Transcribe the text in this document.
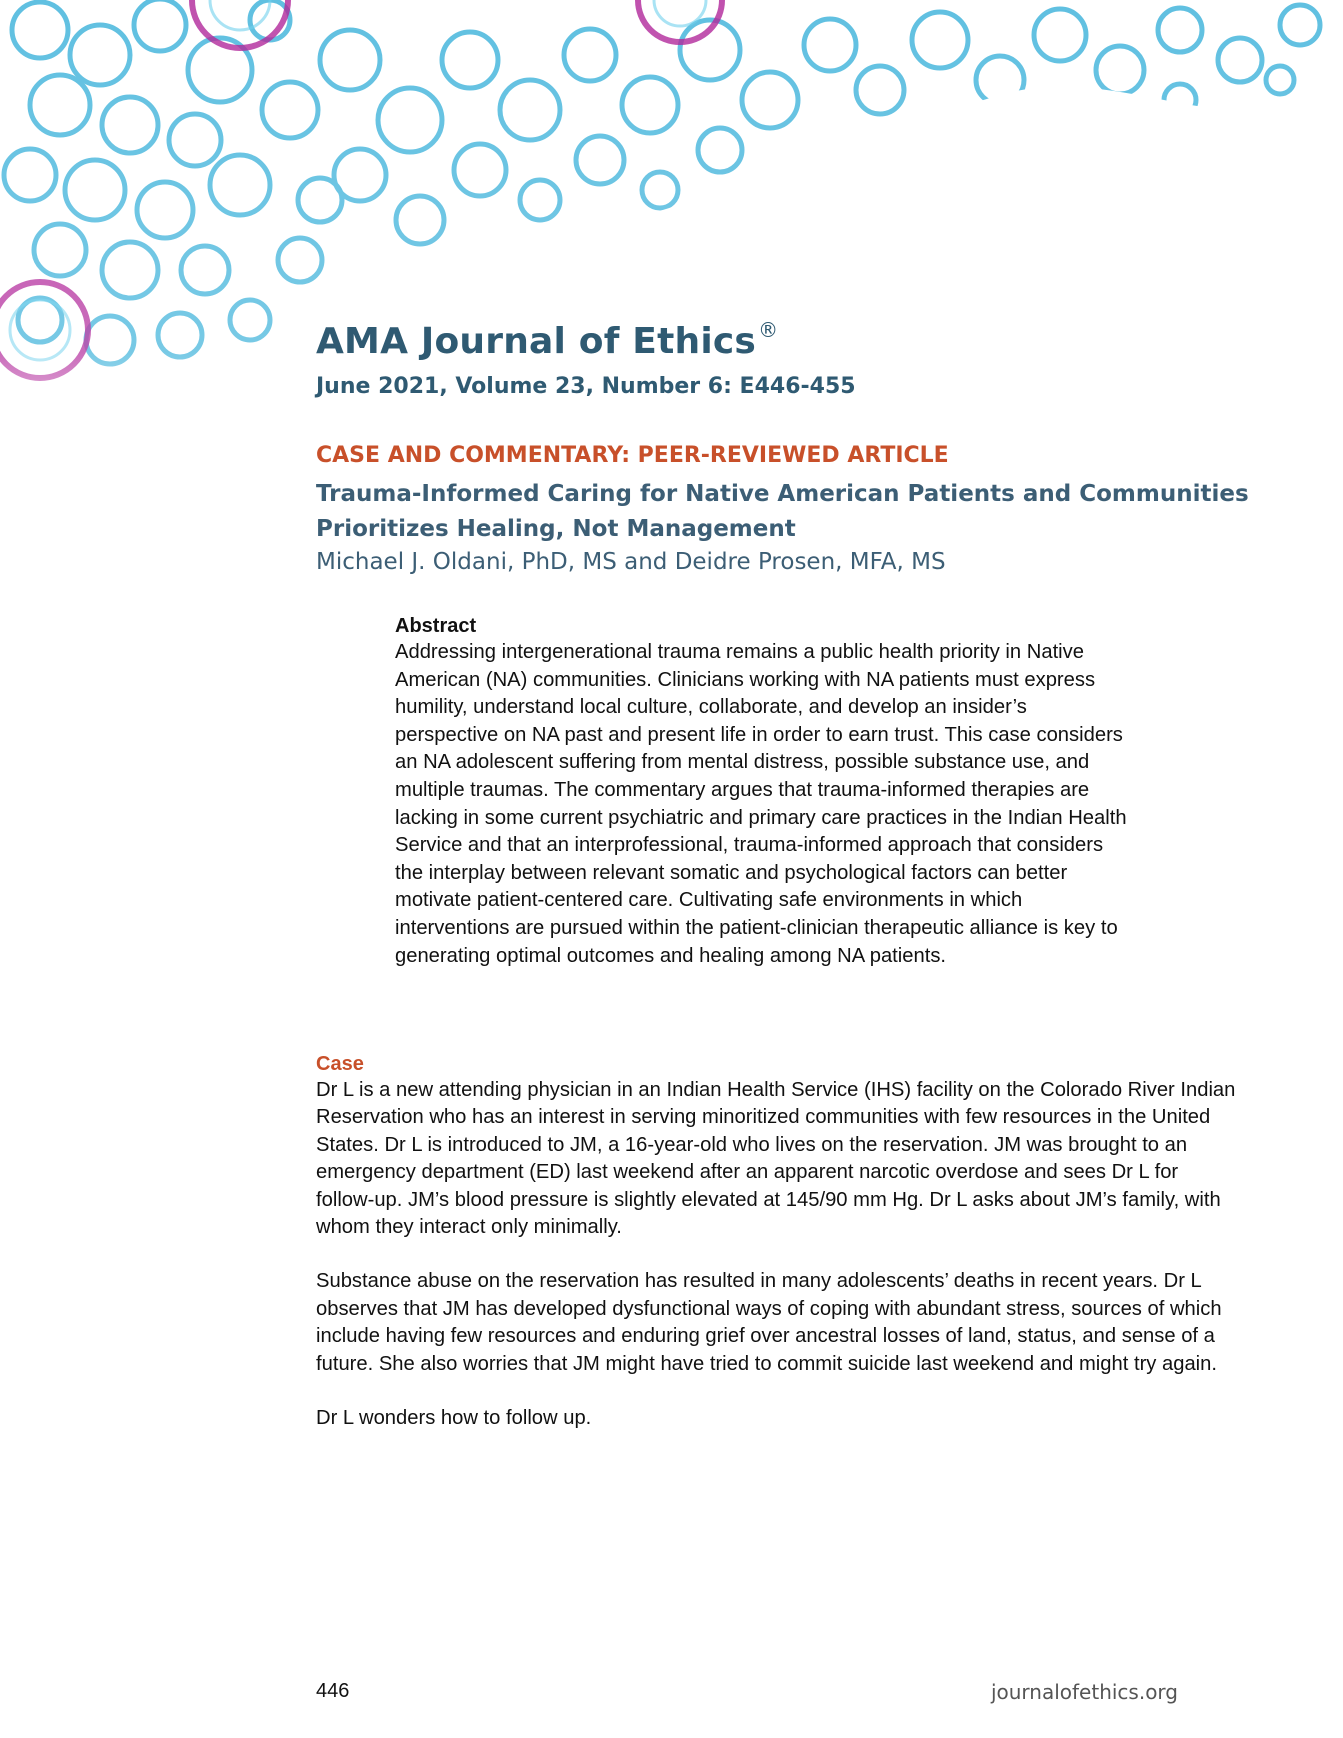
AMA Journal of Ethics ®
June 2021, Volume 23, Number 6: E446-455
CASE AND COMMENTARY: PEER-REVIEWED ARTICLE
Trauma-Informed Caring for Native American Patients and Communities Prioritizes Healing, Not Management
Michael J. Oldani, PhD, MS and Deidre Prosen, MFA, MS
Abstract

Addressing intergenerational trauma remains a public health priority in Native American (NA) communities. Clinicians working with NA patients must express humility, understand local culture, collaborate, and develop an insider’s perspective on NA past and present life in order to earn trust. This case considers an NA adolescent suffering from mental distress, possible substance use, and multiple traumas. The commentary argues that trauma-informed therapies are lacking in some current psychiatric and primary care practices in the Indian Health Service and that an interprofessional, trauma-informed approach that considers the interplay between relevant somatic and psychological factors can better motivate patient-centered care. Cultivating safe environments in which interventions are pursued within the patient-clinician therapeutic alliance is key to generating optimal outcomes and healing among NA patients.

Case

Dr L is a new attending physician in an Indian Health Service (IHS) facility on the Colorado River Indian Reservation who has an interest in serving minoritized communities with few resources in the United States. Dr L is introduced to JM, a 16-year-old who lives on the reservation. JM was brought to an emergency department (ED) last weekend after an apparent narcotic overdose and sees Dr L for follow-up. JM’s blood pressure is slightly elevated at 145/90 mm Hg. Dr L asks about JM’s family, with whom they interact only minimally.

Substance abuse on the reservation has resulted in many adolescents’ deaths in recent years. Dr L observes that JM has developed dysfunctional ways of coping with abundant stress, sources of which include having few resources and enduring grief over ancestral losses of land, status, and sense of a future. She also worries that JM might have tried to commit suicide last weekend and might try again.

Dr L wonders how to follow up.

446	journalofethics.org
